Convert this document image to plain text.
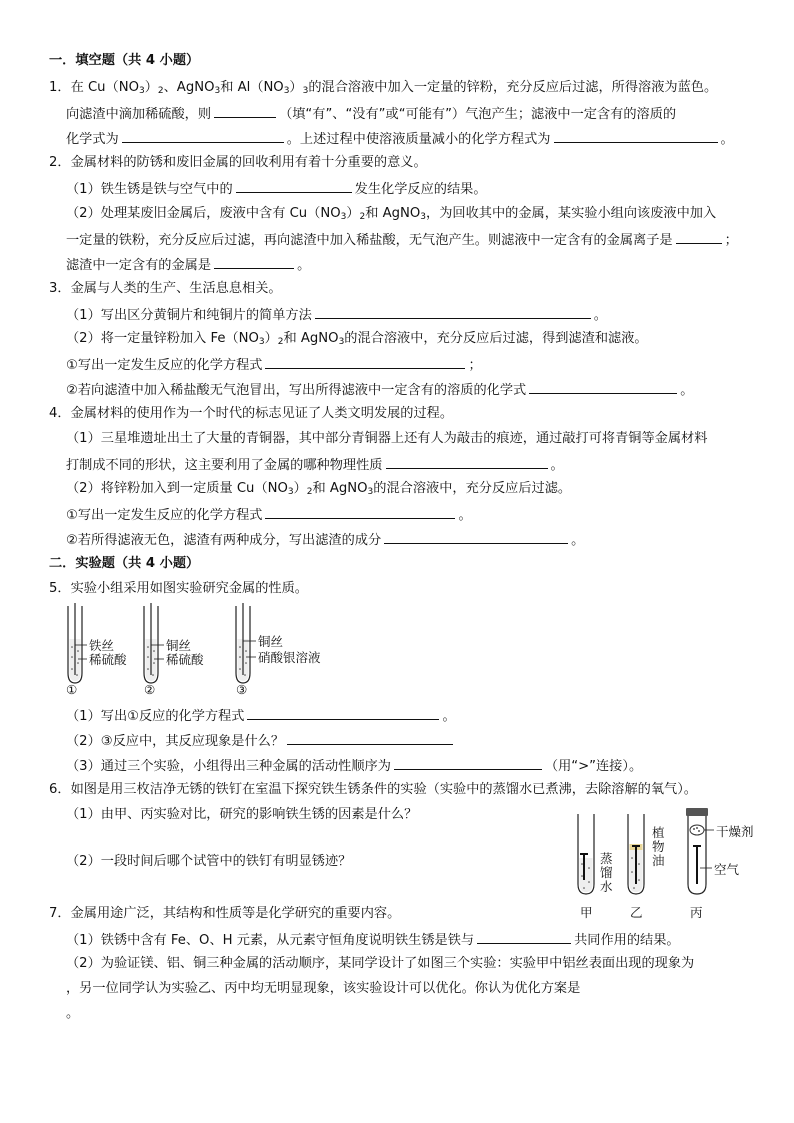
一．填空题（共 4 小题）
1．在 $Cu(NO_3)_2$、AgNO$_3$和 $Al(NO_3)_3$的混合溶液中加入一定量的锌粉，充分反应后过滤，所得溶液为蓝色。
向滤渣中滴加稀硫酸，则	（填“有”、“没有”或“可能有”）气泡产生；滤液中一定含有的溶质的
化学式为	。上述过程中使溶液质量减小的化学方程式为	。
2．金属材料的防锈和废旧金属的回收利用有着十分重要的意义。
（1）铁生锈是铁与空气中的	发生化学反应的结果。
（2）处理某废旧金属后，废液中含有 $Cu(NO_3)_2$和 AgNO$_3$，为回收其中的金属，某实验小组向该废液中加入
一定量的铁粉，充分反应后过滤，再向滤渣中加入稀盐酸，无气泡产生。则滤液中一定含有的金属离子是	；
滤渣中一定含有的金属是	。
3．金属与人类的生产、生活息息相关。
（1）写出区分黄铜片和纯铜片的简单方法	。
（2）将一定量锌粉加入 $Fe(NO_3)_2$和 AgNO$_3$的混合溶液中，充分反应后过滤，得到滤渣和滤液。
①写出一定发生反应的化学方程式	；
②若向滤渣中加入稀盐酸无气泡冒出，写出所得滤液中一定含有的溶质的化学式	。
4．金属材料的使用作为一个时代的标志见证了人类文明发展的过程。
（1）三星堆遗址出土了大量的青铜器，其中部分青铜器上还有人为敲击的痕迹，通过敲打可将青铜等金属材料
打制成不同的形状，这主要利用了金属的哪种物理性质	。
（2）将锌粉加入到一定质量 $Cu(NO_3)_2$和 AgNO$_3$的混合溶液中，充分反应后过滤。
①写出一定发生反应的化学方程式	。
②若所得滤液无色，滤渣有两种成分，写出滤渣的成分	。
二．实验题（共 4 小题）
5．实验小组采用如图实验研究金属的性质。
铁丝
稀硫酸
①
铜丝
稀硫酸
②
铜丝
硝酸银溶液
③
（1）写出①反应的化学方程式	。
（2）③反应中，其反应现象是什么？
（3）通过三个实验，小组得出三种金属的活动性顺序为	（用“>”连接）。
6．如图是用三枚洁净无锈的铁钉在室温下探究铁生锈条件的实验（实验中的蒸馏水已煮沸，去除溶解的氧气）。
（1）由甲、丙实验对比，研究的影响铁生锈的因素是什么？
（2）一段时间后哪个试管中的铁钉有明显锈迹？	蒸馏水
植物油
干燥剂
空气
甲	乙	丙
7．金属用途广泛，其结构和性质等是化学研究的重要内容。
（1）铁锈中含有 Fe、O、H 元素，从元素守恒角度说明铁生锈是铁与	共同作用的结果。
（2）为验证镁、铝、铜三种金属的活动顺序，某同学设计了如图三个实验：实验甲中铝丝表面出现的现象为
，另一位同学认为实验乙、丙中均无明显现象，该实验设计可以优化。你认为优化方案是
。
